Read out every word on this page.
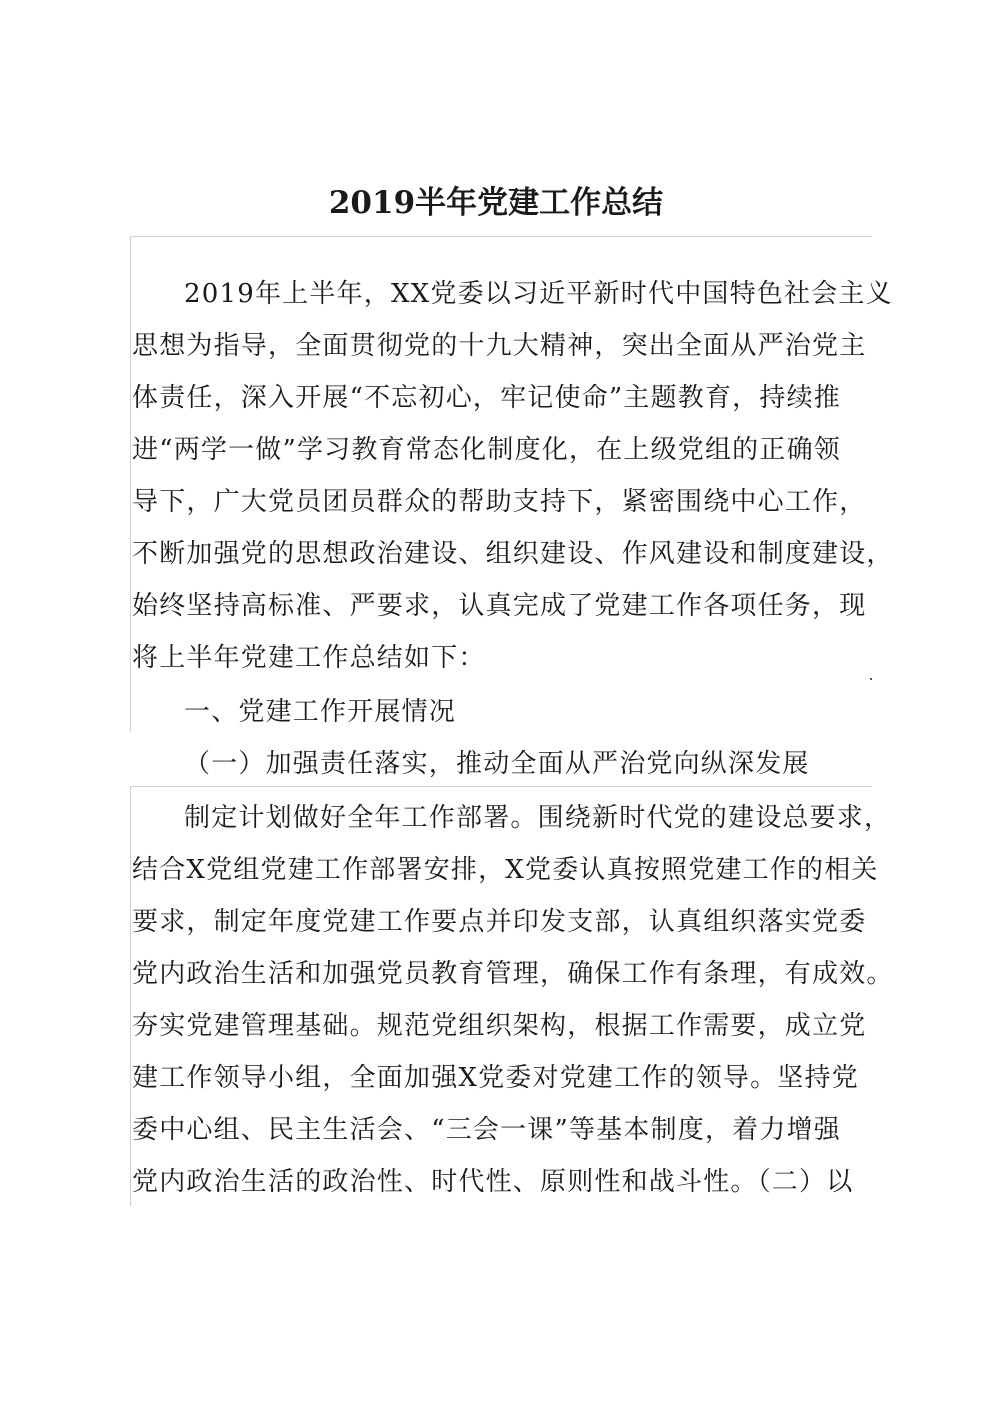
2019半年党建工作总结

2019年上半年，XX党委以习近平新时代中国特色社会主义

思想为指导，全面贯彻党的十九大精神，突出全面从严治党主

体责任，深入开展“不忘初心，牢记使命”主题教育，持续推

进“两学一做”学习教育常态化制度化，在上级党组的正确领

导下，广大党员团员群众的帮助支持下，紧密围绕中心工作，

不断加强党的思想政治建设、组织建设、作风建设和制度建设，

始终坚持高标准、严要求，认真完成了党建工作各项任务，现

将上半年党建工作总结如下：

一、党建工作开展情况

（一）加强责任落实，推动全面从严治党向纵深发展

制定计划做好全年工作部署。围绕新时代党的建设总要求，

结合X党组党建工作部署安排，X党委认真按照党建工作的相关

要求，制定年度党建工作要点并印发支部，认真组织落实党委

党内政治生活和加强党员教育管理，确保工作有条理，有成效。

夯实党建管理基础。规范党组织架构，根据工作需要，成立党

建工作领导小组，全面加强X党委对党建工作的领导。坚持党

委中心组、民主生活会、“三会一课”等基本制度，着力增强

党内政治生活的政治性、时代性、原则性和战斗性。（二）以
